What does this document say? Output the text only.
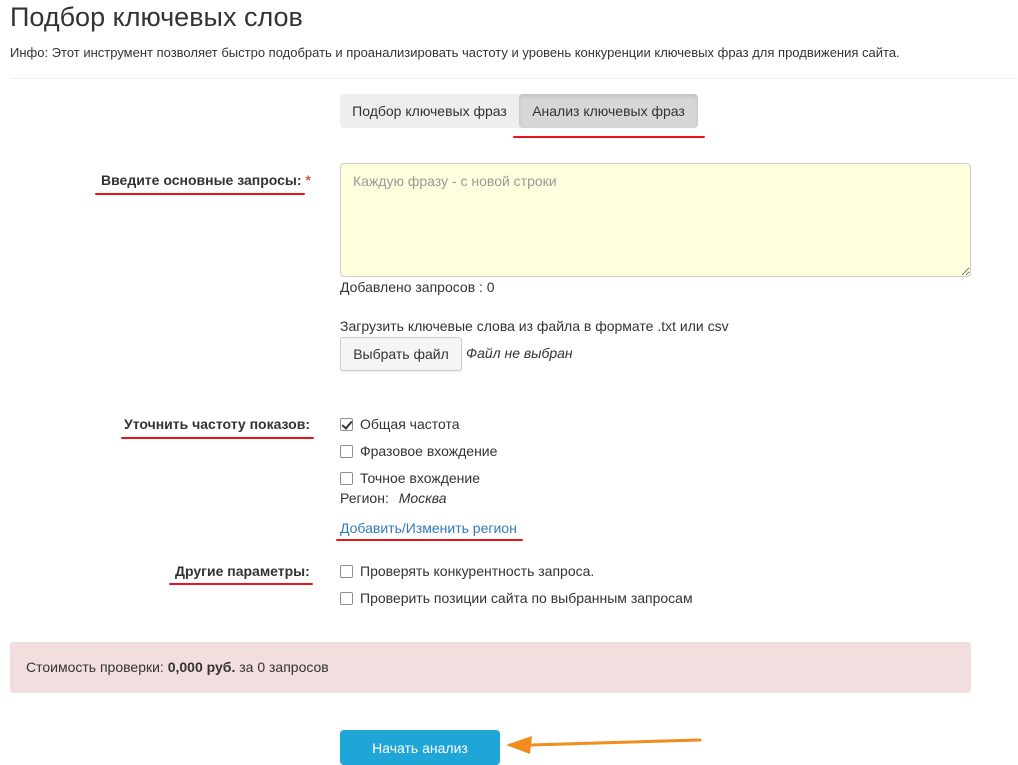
Подбор ключевых слов
Инфо: Этот инструмент позволяет быстро подобрать и проанализировать частоту и уровень конкуренции ключевых фраз для продвижения сайта.
Подбор ключевых фраз	Анализ ключевых фраз
Введите основные запросы: *
Каждую фразу - с новой строки
Добавлено запросов : 0
Загрузить ключевые слова из файла в формате .txt или csv
Выбрать файл	Файл не выбран
Уточнить частоту показов:	Общая частота
Фразовое вхождение
Точное вхождение
Регион: Москва
Добавить/Изменить регион
Другие параметры:	Проверять конкурентность запроса.
Проверить позиции сайта по выбранным запросам
Стоимость проверки: 0,000 руб. за 0 запросов
Начать анализ
